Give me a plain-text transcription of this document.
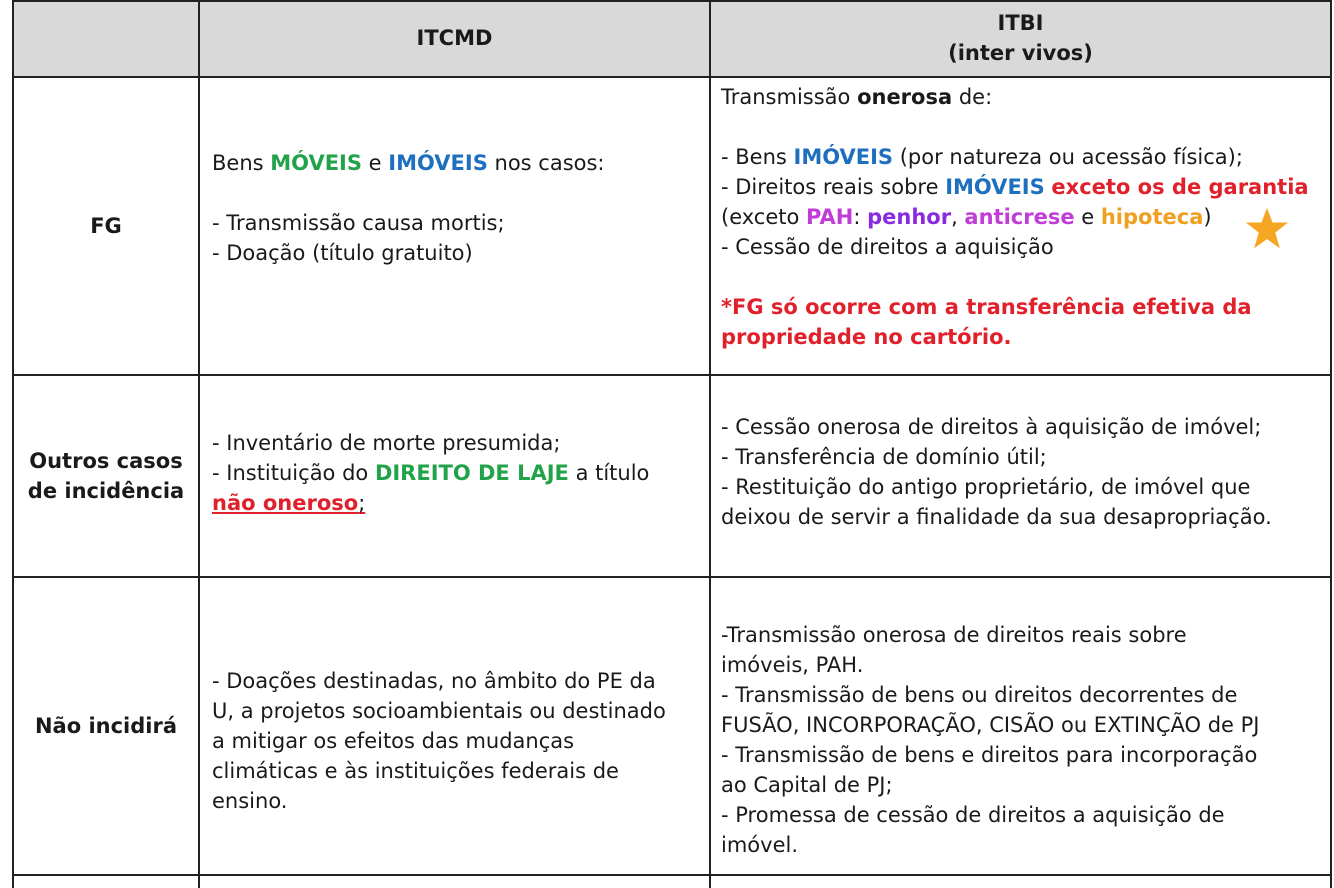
ITCMD
ITBI
(inter vivos)
FG
Bens MÓVEIS e IMÓVEIS nos casos:
- Transmissão causa mortis;
- Doação (título gratuito)
Transmissão onerosa de:
- Bens IMÓVEIS (por natureza ou acessão física);
- Direitos reais sobre IMÓVEIS exceto os de garantia
(exceto PAH: penhor, anticrese e hipoteca)
- Cessão de direitos a aquisição
*FG só ocorre com a transferência efetiva da
propriedade no cartório.
Outros casos
de incidência
- Inventário de morte presumida;
- Instituição do DIREITO DE LAJE a título
não oneroso;
- Cessão onerosa de direitos à aquisição de imóvel;
- Transferência de domínio útil;
- Restituição do antigo proprietário, de imóvel que
deixou de servir a finalidade da sua desapropriação.
Não incidirá
- Doações destinadas, no âmbito do PE da
U, a projetos socioambientais ou destinado
a mitigar os efeitos das mudanças
climáticas e às instituições federais de
ensino.
-Transmissão onerosa de direitos reais sobre
imóveis, PAH.
- Transmissão de bens ou direitos decorrentes de
FUSÃO, INCORPORAÇÃO, CISÃO ou EXTINÇÃO de PJ
- Transmissão de bens e direitos para incorporação
ao Capital de PJ;
- Promessa de cessão de direitos a aquisição de
imóvel.
